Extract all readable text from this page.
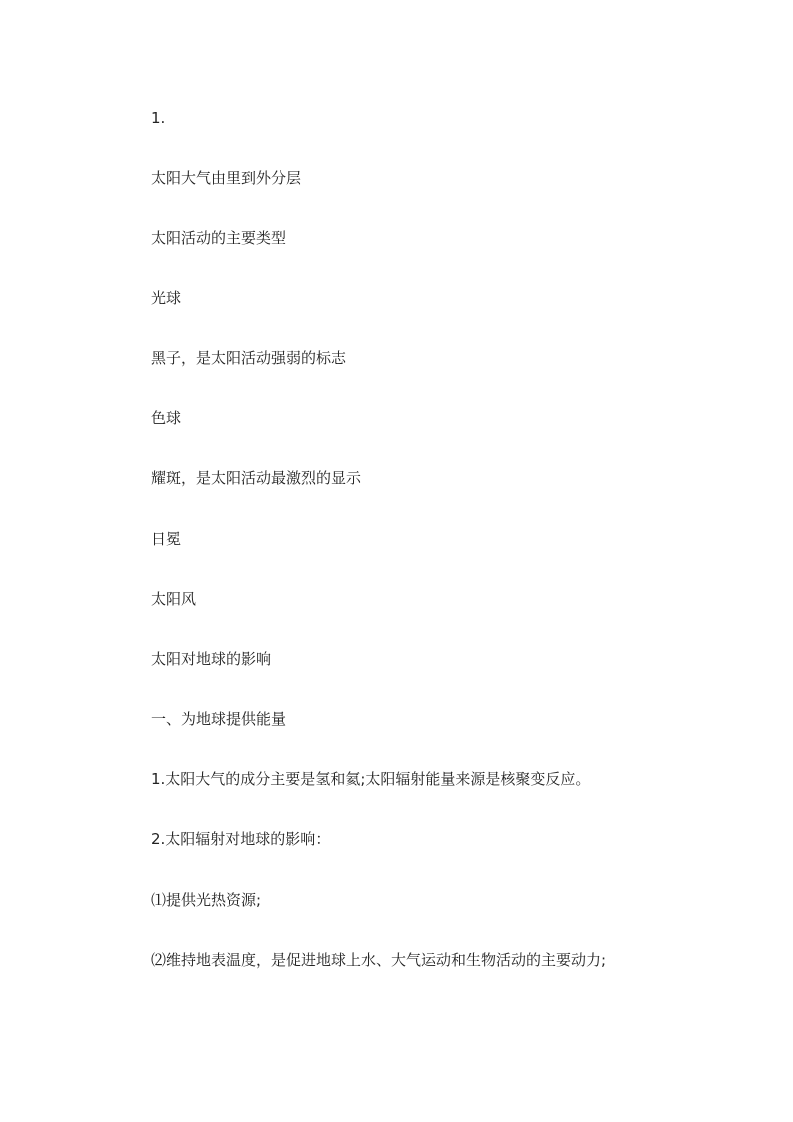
1.
太阳大气由里到外分层
太阳活动的主要类型
光球
黑子，是太阳活动强弱的标志
色球
耀斑，是太阳活动最激烈的显示
日冕
太阳风
太阳对地球的影响
一、为地球提供能量
1.太阳大气的成分主要是氢和氦;太阳辐射能量来源是核聚变反应。
2.太阳辐射对地球的影响：
⑴提供光热资源;
⑵维持地表温度，是促进地球上水、大气运动和生物活动的主要动力;
